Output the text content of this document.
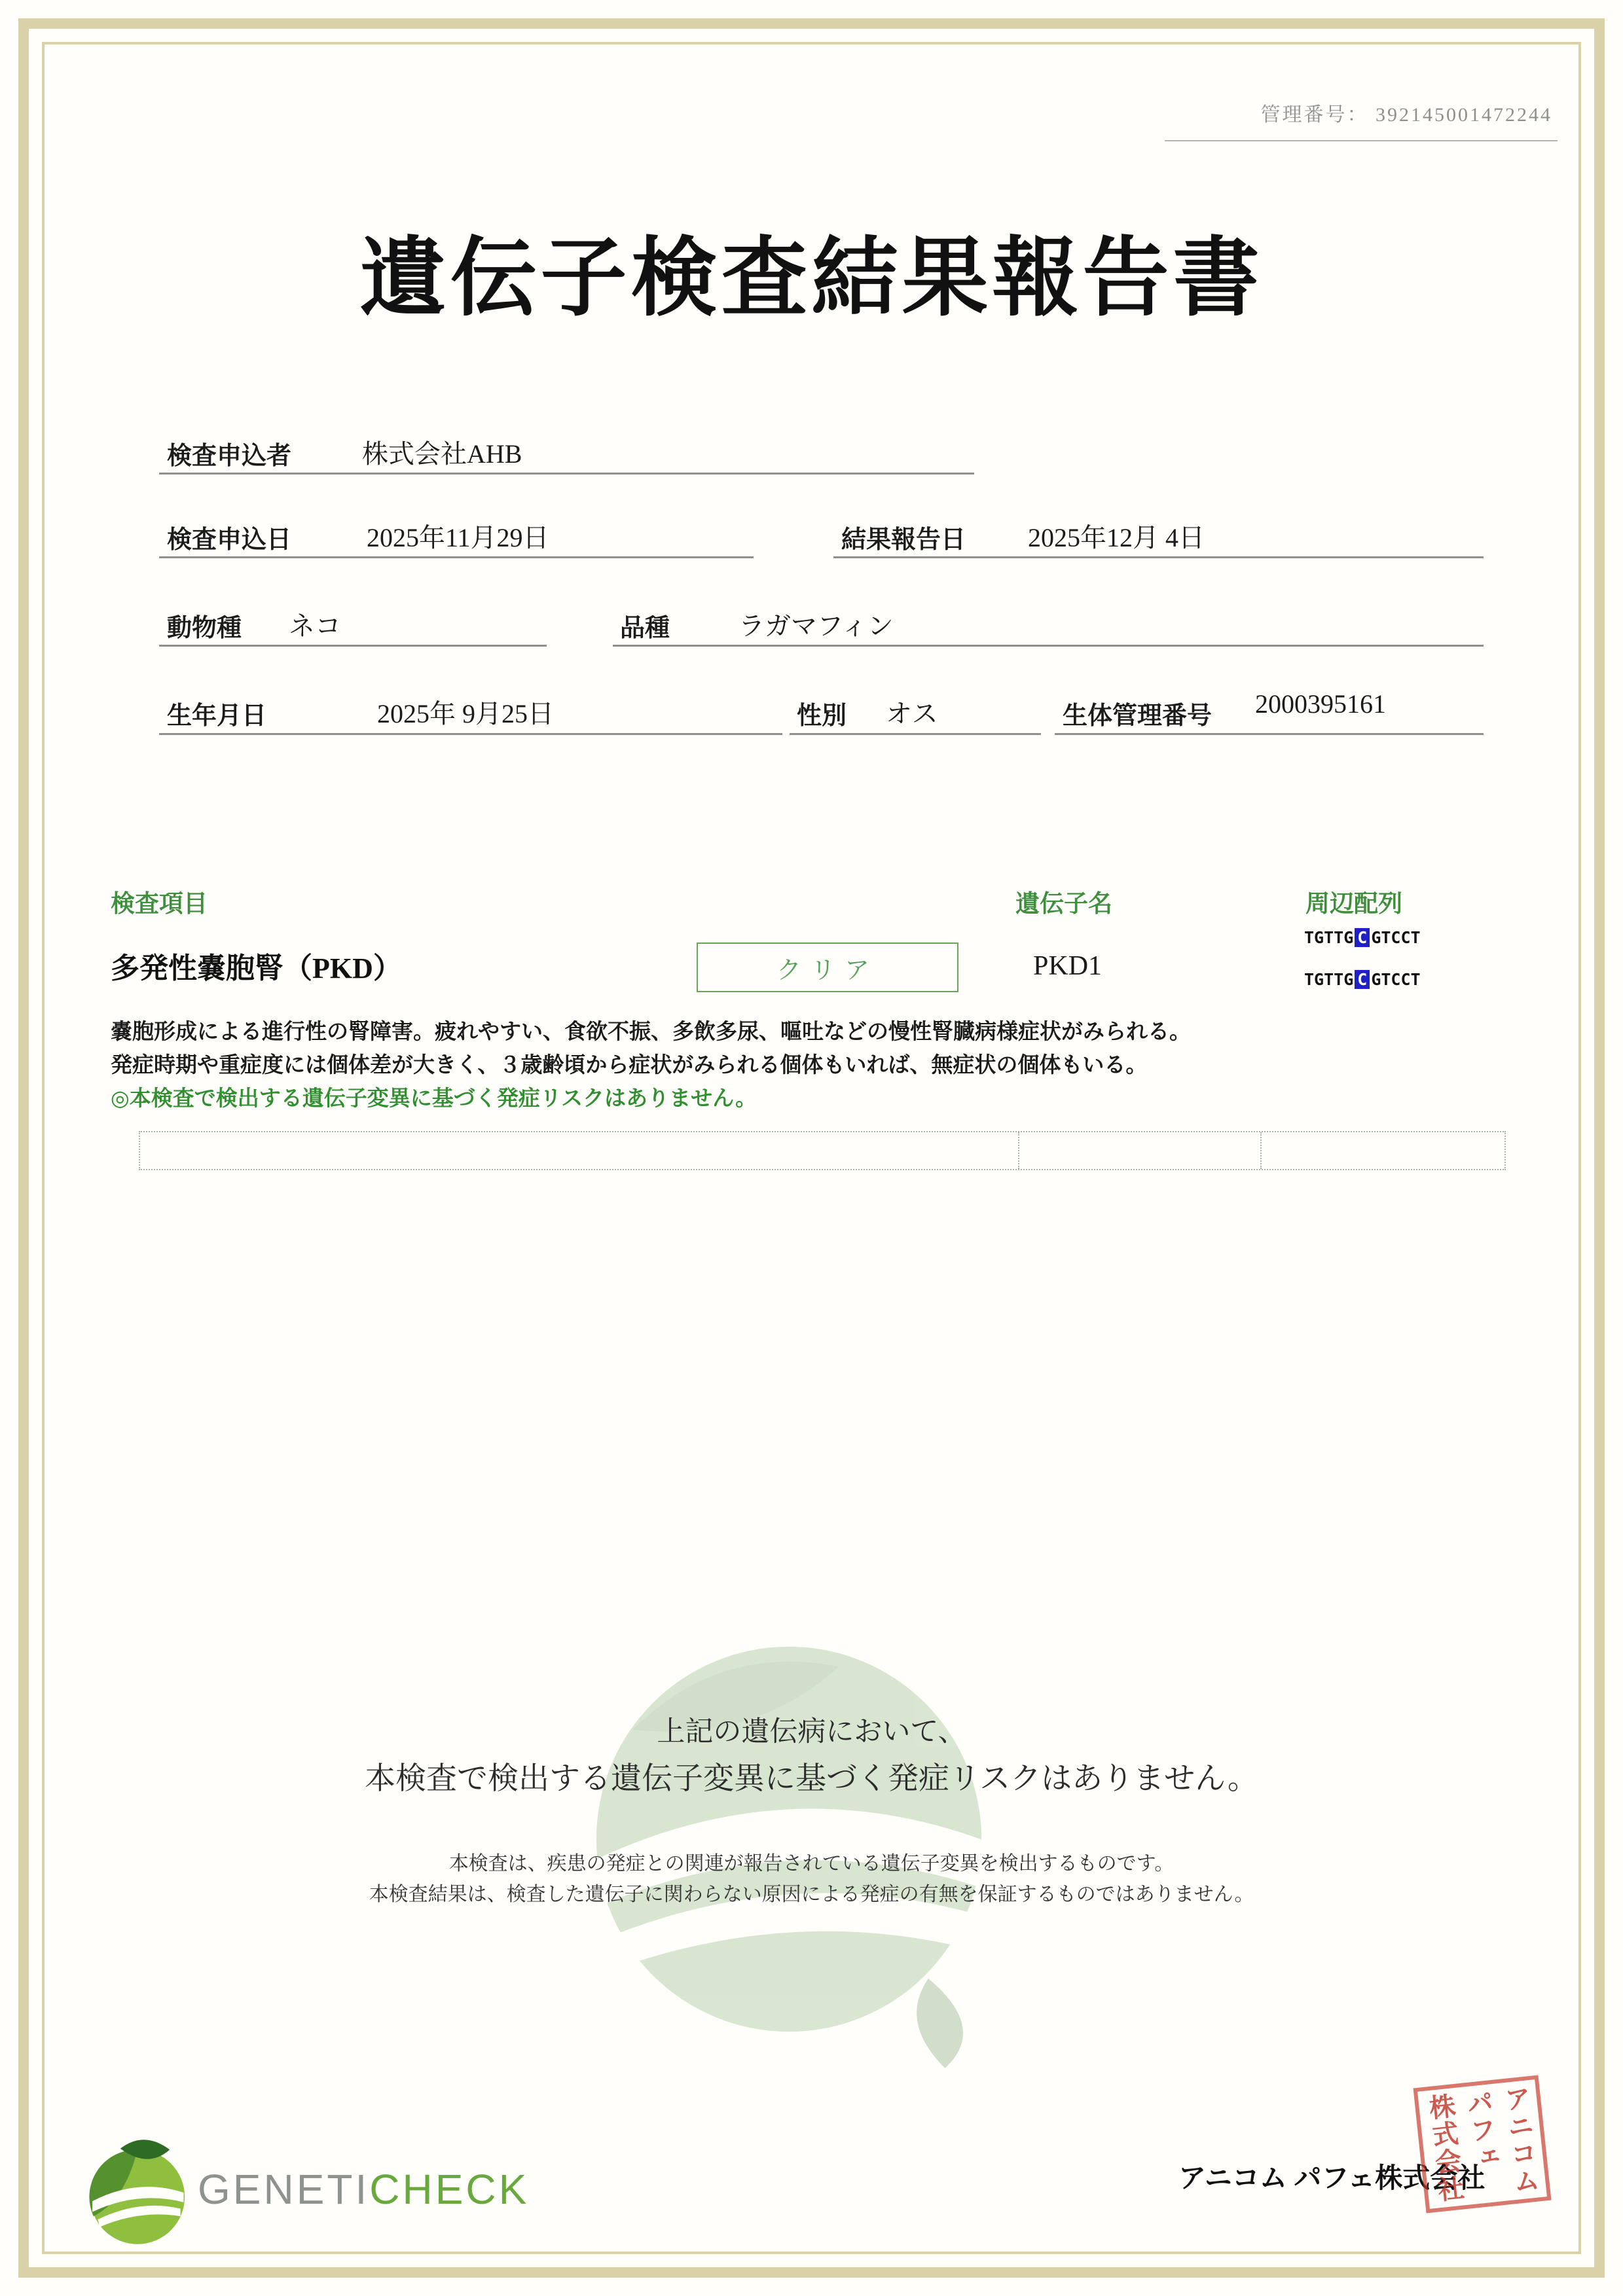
管理番号： 392145001472244
遺伝子検査結果報告書
検査申込者	株式会社AHB
検査申込日	2025年11月29日	結果報告日 2025年12月 4日
動物種 ネコ	品種	ラガマフィン
生年月日	2025年 9月25日	性別 オス	生体管理番号 2000395161
検査項目	遺伝子名	周辺配列
多発性嚢胞腎（PKD）	クリア	PKD1
TGTTG C GTCCT
TGTTG C GTCCT
嚢胞形成による進行性の腎障害。疲れやすい、食欲不振、多飲多尿、嘔吐などの慢性腎臓病様症状がみられる。
発症時期や重症度には個体差が大きく、３歳齢頃から症状がみられる個体もいれば、無症状の個体もいる。
◎本検査で検出する遺伝子変異に基づく発症リスクはありません。
上記の遺伝病において、
本検査で検出する遺伝子変異に基づく発症リスクはありません。
本検査は、疾患の発症との関連が報告されている遺伝子変異を検出するものです。
本検査結果は、検査した遺伝子に関わらない原因による発症の有無を保証するものではありません。
GENETICHECK	アニコム パフェ株式会社 アニコム
パフェ
株式会社
